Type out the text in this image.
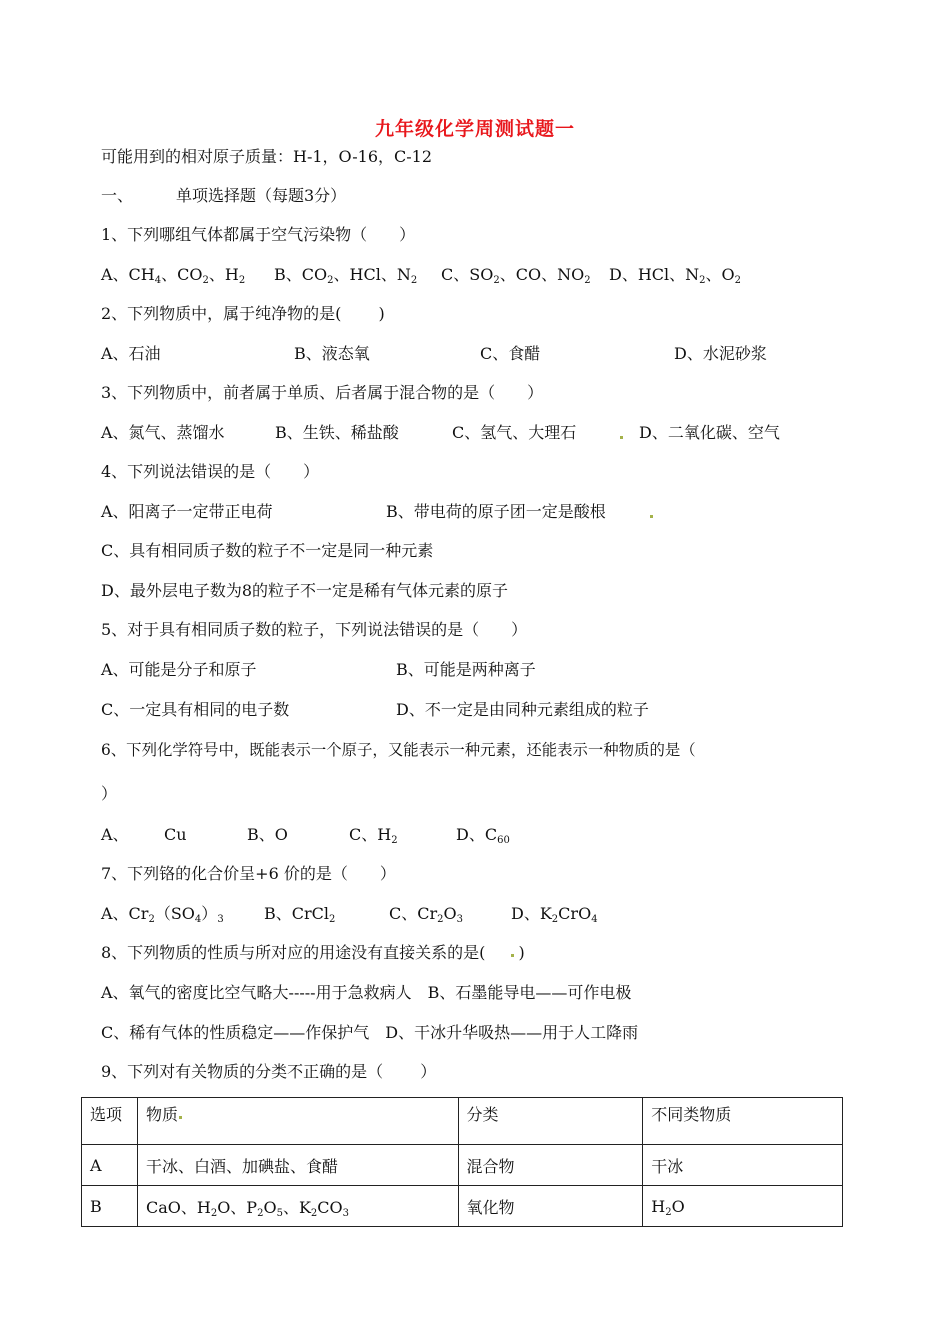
九年级化学周测试题一
可能用到的相对原子质量：H-1，O-16，C-12
一、	单项选择题（每题3分）
1、下列哪组气体都属于空气污染物（　　）
A、$CH_4$、$CO_2$、$H_2$ B、$CO_2$、HCl、$N_2$ C、$SO_2$、CO、$NO_2$ D、HCl、$N_2$、$O_2$
2、下列物质中，属于纯净物的是(　　 )
A、石油	B、液态氧	C、食醋	D、水泥砂浆
3、下列物质中，前者属于单质、后者属于混合物的是（　　）
A、氮气、蒸馏水	B、生铁、稀盐酸	C、氢气、大理石	D、二氧化碳、空气
4、下列说法错误的是（　　）
A、阳离子一定带正电荷	B、带电荷的原子团一定是酸根
C、具有相同质子数的粒子不一定是同一种元素
D、最外层电子数为8的粒子不一定是稀有气体元素的原子
5、对于具有相同质子数的粒子，下列说法错误的是（　　）
A、可能是分子和原子	B、可能是两种离子
C、一定具有相同的电子数	D、不一定是由同种元素组成的粒子
6、下列化学符号中，既能表示一个原子，又能表示一种元素，还能表示一种物质的是（
）
A、 Cu	B、O	C、$H_2$	D、$C_{60}$
7、下列铬的化合价呈+6 价的是（　　）
A、$Cr_2(SO_4)_3$	B、CrCl$_2$	C、$Cr_2O_3$	D、$K_2CrO_4$
8、下列物质的性质与所对应的用途没有直接关系的是( )
A、氧气的密度比空气略大-----用于急救病人　B、石墨能导电——可作电极
C、稀有气体的性质稳定——作保护气　D、干冰升华吸热——用于人工降雨
9、下列对有关物质的分类不正确的是（　　 ）
选项	物质	分类	不同类物质
A	干冰、白酒、加碘盐、食醋	混合物	干冰
B	CaO、$H_2O$、$P_2O_5$、$K_2CO_3$	氧化物	$H_2O$
